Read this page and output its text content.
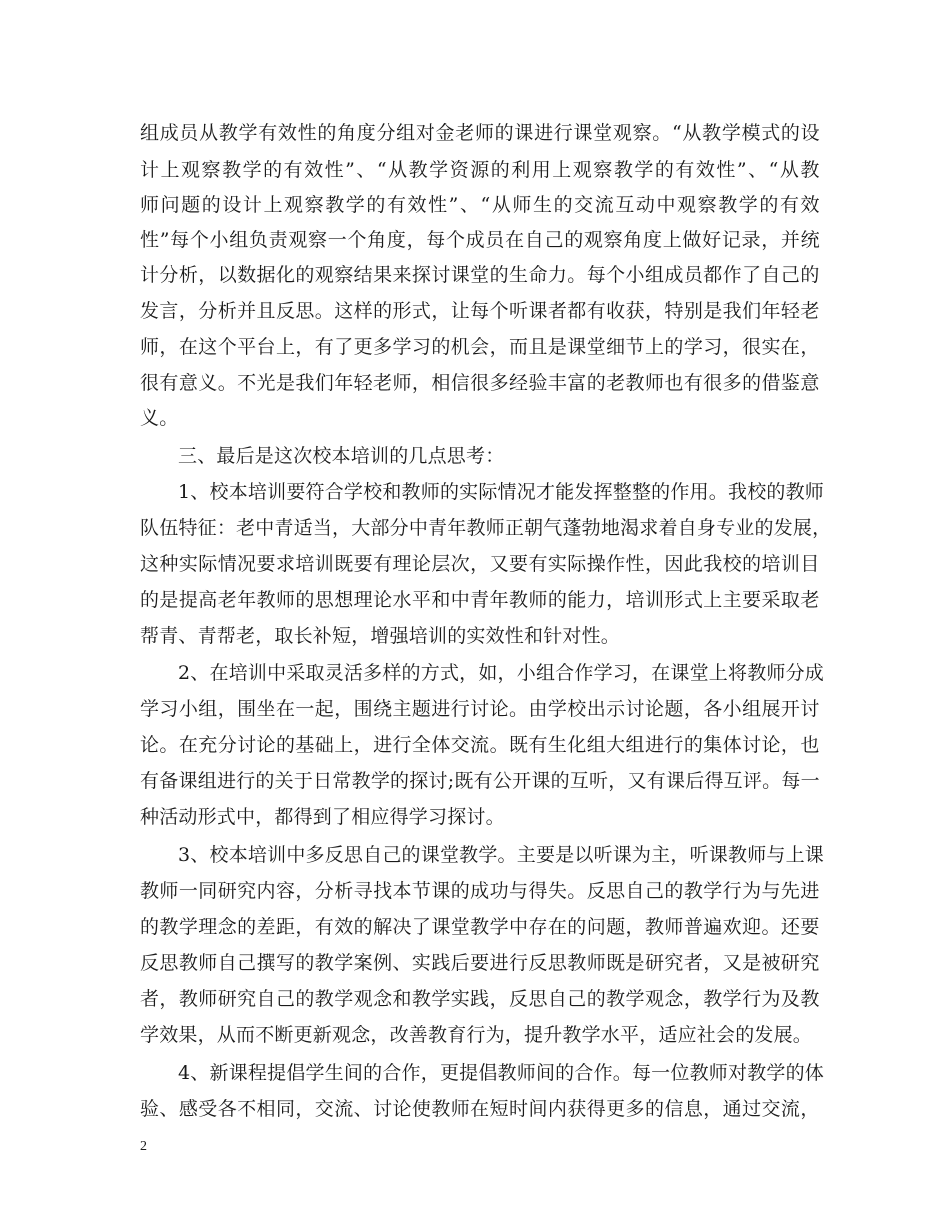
组 成 员 从 教 学 有 效 性 的 角 度 分 组 对 金 老 师 的 课 进 行 课 堂 观 察 。 “ 从 教 学 模 式 的 设
计 上 观 察 教 学 的 有 效 性 ” 、 “ 从 教 学 资 源 的 利 用 上 观 察 教 学 的 有 效 性 ” 、 “ 从 教
师 问 题 的 设 计 上 观 察 教 学 的 有 效 性 ” 、 “ 从 师 生 的 交 流 互 动 中 观 察 教 学 的 有 效
性 ” 每 个 小 组 负 责 观 察 一 个 角 度 ， 每 个 成 员 在 自 己 的 观 察 角 度 上 做 好 记 录 ， 并 统
计 分 析 ， 以 数 据 化 的 观 察 结 果 来 探 讨 课 堂 的 生 命 力 。 每 个 小 组 成 员 都 作 了 自 己 的
发 言 ， 分 析 并 且 反 思 。 这 样 的 形 式 ， 让 每 个 听 课 者 都 有 收 获 ， 特 别 是 我 们 年 轻 老
师 ， 在 这 个 平 台 上 ， 有 了 更 多 学 习 的 机 会 ， 而 且 是 课 堂 细 节 上 的 学 习 ， 很 实 在 ，
很 有 意 义 。 不 光 是 我 们 年 轻 老 师 ， 相 信 很 多 经 验 丰 富 的 老 教 师 也 有 很 多 的 借 鉴 意
义。
三、最后是这次校本培训的几点思考：
1 、 校 本 培 训 要 符 合 学 校 和 教 师 的 实 际 情 况 才 能 发 挥 整 整 的 作 用 。 我 校 的 教 师
队 伍 特 征 ： 老 中 青 适 当 ， 大 部 分 中 青 年 教 师 正 朝 气 蓬 勃 地 渴 求 着 自 身 专 业 的 发 展 ，
这 种 实 际 情 况 要 求 培 训 既 要 有 理 论 层 次 ， 又 要 有 实 际 操 作 性 ， 因 此 我 校 的 培 训 目
的 是 提 高 老 年 教 师 的 思 想 理 论 水 平 和 中 青 年 教 师 的 能 力 ， 培 训 形 式 上 主 要 采 取 老
帮青、青帮老，取长补短，增强培训的实效性和针对性。
2 、 在 培 训 中 采 取 灵 活 多 样 的 方 式 ， 如 ， 小 组 合 作 学 习 ， 在 课 堂 上 将 教 师 分 成
学 习 小 组 ， 围 坐 在 一 起 ， 围 绕 主 题 进 行 讨 论 。 由 学 校 出 示 讨 论 题 ， 各 小 组 展 开 讨
论 。 在 充 分 讨 论 的 基 础 上 ， 进 行 全 体 交 流 。 既 有 生 化 组 大 组 进 行 的 集 体 讨 论 ， 也
有 备 课 组 进 行 的 关 于 日 常 教 学 的 探 讨 ; 既 有 公 开 课 的 互 听 ， 又 有 课 后 得 互 评 。 每 一
种活动形式中，都得到了相应得学习探讨。
3 、 校 本 培 训 中 多 反 思 自 己 的 课 堂 教 学 。 主 要 是 以 听 课 为 主 ， 听 课 教 师 与 上 课
教 师 一 同 研 究 内 容 ， 分 析 寻 找 本 节 课 的 成 功 与 得 失 。 反 思 自 己 的 教 学 行 为 与 先 进
的 教 学 理 念 的 差 距 ， 有 效 的 解 决 了 课 堂 教 学 中 存 在 的 问 题 ， 教 师 普 遍 欢 迎 。 还 要
反 思 教 师 自 己 撰 写 的 教 学 案 例 、 实 践 后 要 进 行 反 思 教 师 既 是 研 究 者 ， 又 是 被 研 究
者 ， 教 师 研 究 自 己 的 教 学 观 念 和 教 学 实 践 ， 反 思 自 己 的 教 学 观 念 ， 教 学 行 为 及 教
学效果，从而不断更新观念，改善教育行为，提升教学水平，适应社会的发展。
4 、 新 课 程 提 倡 学 生 间 的 合 作 ， 更 提 倡 教 师 间 的 合 作 。 每 一 位 教 师 对 教 学 的 体
验 、 感 受 各 不 相 同 ， 交 流 、 讨 论 使 教 师 在 短 时 间 内 获 得 更 多 的 信 息 ， 通 过 交 流 ，
2
